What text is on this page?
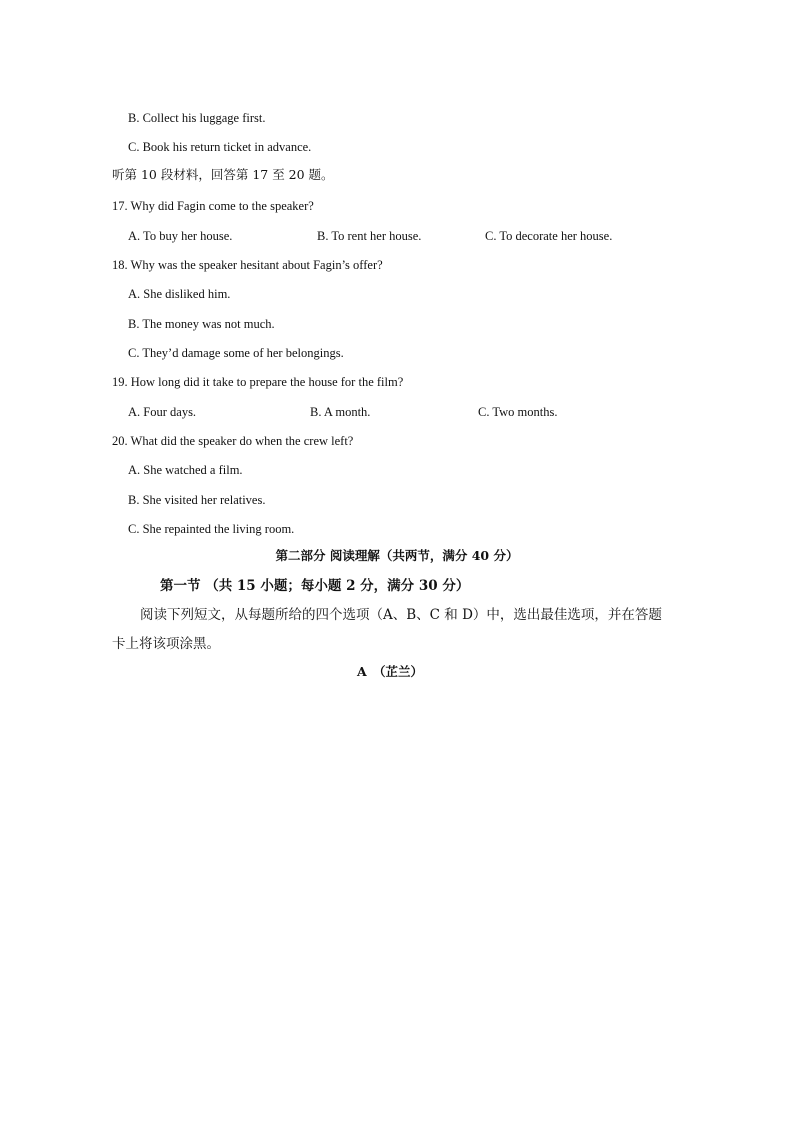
B. Collect his luggage first.
C. Book his return ticket in advance.
听第 10 段材料，回答第 17 至 20 题。
17. Why did Fagin come to the speaker?
A. To buy her house.	B. To rent her house.	C. To decorate her house.
18. Why was the speaker hesitant about Fagin’s offer?
A. She disliked him.
B. The money was not much.
C. They’d damage some of her belongings.
19. How long did it take to prepare the house for the film?
A. Four days.	B. A month.	C. Two months.
20. What did the speaker do when the crew left?
A. She watched a film.
B. She visited her relatives.
C. She repainted the living room.
第二部分 阅读理解（共两节，满分 40 分）
第一节 （共 15 小题；每小题 2 分，满分 30 分）
阅读下列短文，从每题所给的四个选项（A、B、C 和 D）中，选出最佳选项，并在答题
卡上将该项涂黑。
A　（芷兰）
